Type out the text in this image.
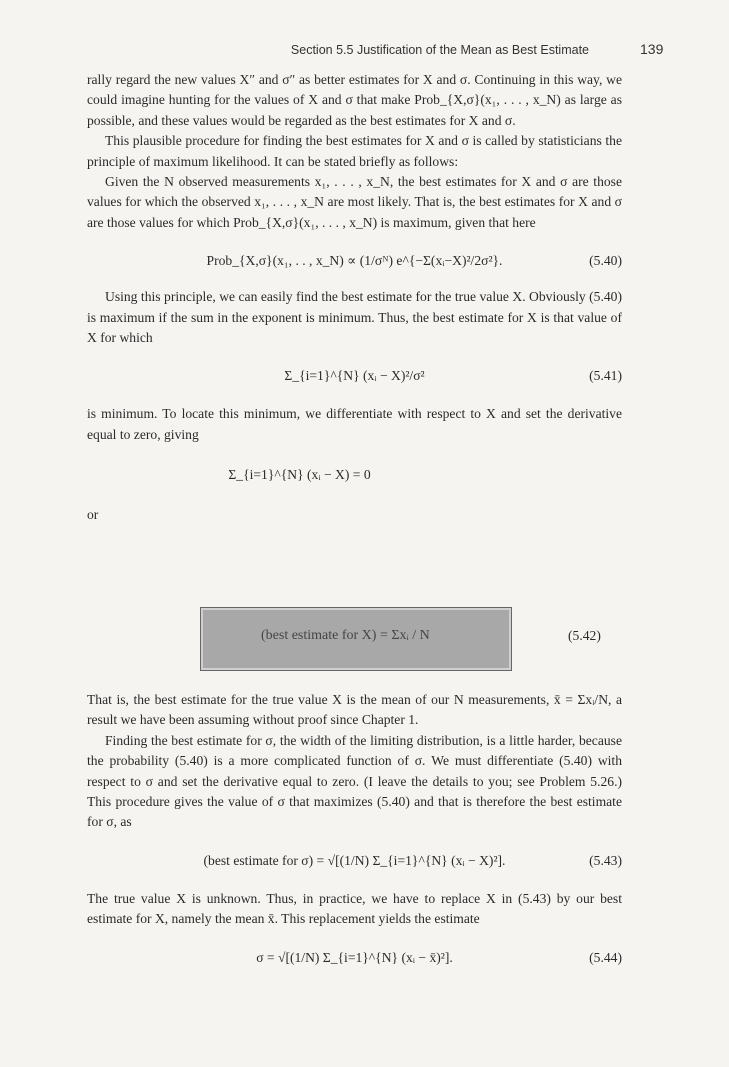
Section 5.5 Justification of the Mean as Best Estimate	139

rally regard the new values X″ and σ″ as better estimates for X and σ. Continuing in this way, we could imagine hunting for the values of X and σ that make Prob_{X,σ}(x₁, . . . , x_N) as large as possible, and these values would be regarded as the best estimates for X and σ.

This plausible procedure for finding the best estimates for X and σ is called by statisticians the principle of maximum likelihood. It can be stated briefly as follows:

Given the N observed measurements x₁, . . . , x_N, the best estimates for X and σ are those values for which the observed x₁, . . . , x_N are most likely. That is, the best estimates for X and σ are those values for which Prob_{X,σ}(x₁, . . . , x_N) is maximum, given that here

Prob_{X,σ}(x₁, . . , x_N) ∝ (1/σᴺ) e^{−Σ(xᵢ−X)²/2σ²}.	(5.40)

Using this principle, we can easily find the best estimate for the true value X. Obviously (5.40) is maximum if the sum in the exponent is minimum. Thus, the best estimate for X is that value of X for which

Σ_{i=1}^{N} (xᵢ − X)²/σ²	(5.41)

is minimum. To locate this minimum, we differentiate with respect to X and set the derivative equal to zero, giving

Σ_{i=1}^{N} (xᵢ − X) = 0

or

(best estimate for X) = Σxᵢ / N	(5.42)

That is, the best estimate for the true value X is the mean of our N measurements, x̄ = Σxᵢ/N, a result we have been assuming without proof since Chapter 1.

Finding the best estimate for σ, the width of the limiting distribution, is a little harder, because the probability (5.40) is a more complicated function of σ. We must differentiate (5.40) with respect to σ and set the derivative equal to zero. (I leave the details to you; see Problem 5.26.) This procedure gives the value of σ that maximizes (5.40) and that is therefore the best estimate for σ, as

(best estimate for σ) = √[(1/N) Σ_{i=1}^{N} (xᵢ − X)²].	(5.43)

The true value X is unknown. Thus, in practice, we have to replace X in (5.43) by our best estimate for X, namely the mean x̄. This replacement yields the estimate

σ = √[(1/N) Σ_{i=1}^{N} (xᵢ − x̄)²].	(5.44)
